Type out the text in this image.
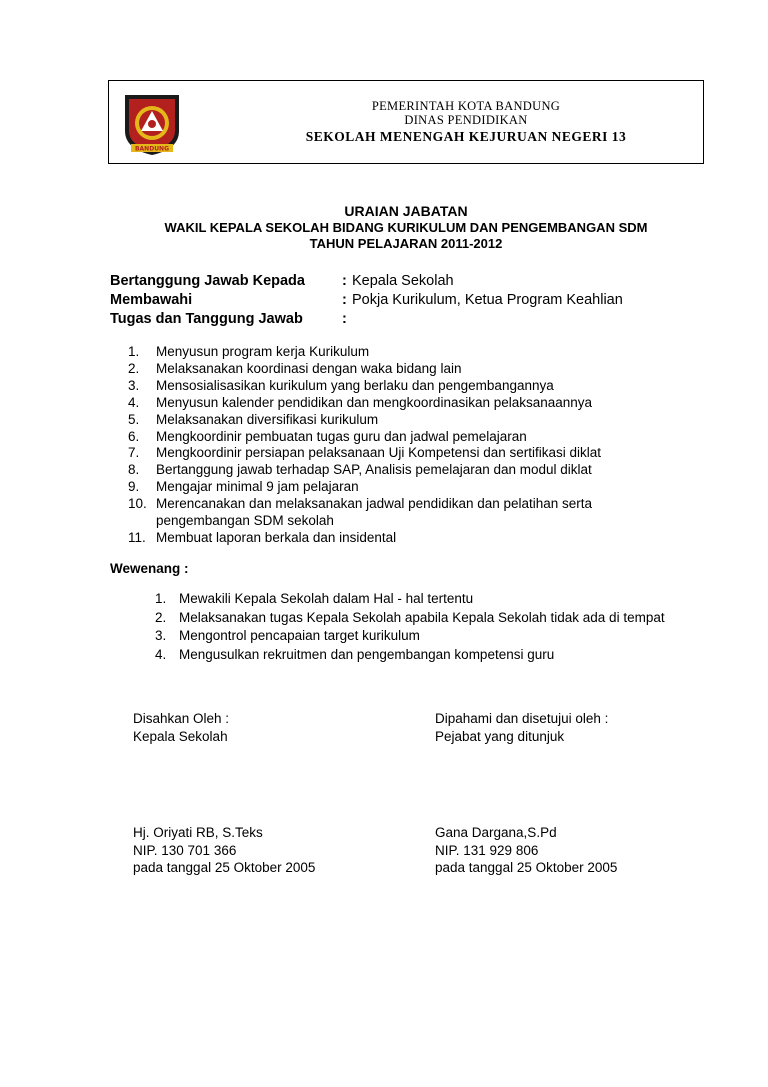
BANDUNG
PEMERINTAH KOTA BANDUNG
DINAS PENDIDIKAN
SEKOLAH MENENGAH KEJURUAN NEGERI 13
URAIAN JABATAN
WAKIL KEPALA SEKOLAH BIDANG KURIKULUM DAN PENGEMBANGAN SDM
TAHUN PELAJARAN 2011-2012
Bertanggung Jawab Kepada	: Kepala Sekolah
Membawahi	: Pokja Kurikulum, Ketua Program Keahlian
Tugas dan Tanggung Jawab	:
1.	Menyusun program kerja Kurikulum
2.	Melaksanakan koordinasi dengan waka bidang lain
3.	Mensosialisasikan kurikulum yang berlaku dan pengembangannya
4.	Menyusun kalender pendidikan dan mengkoordinasikan pelaksanaannya
5.	Melaksanakan diversifikasi kurikulum
6.	Mengkoordinir pembuatan tugas guru dan jadwal pemelajaran
7.	Mengkoordinir persiapan pelaksanaan Uji Kompetensi dan sertifikasi diklat
8.	Bertanggung jawab terhadap SAP, Analisis pemelajaran dan modul diklat
9.	Mengajar minimal 9 jam pelajaran
10. Merencanakan dan melaksanakan jadwal pendidikan dan pelatihan serta pengembangan SDM sekolah
11. Membuat laporan berkala dan insidental
Wewenang :
1. Mewakili Kepala Sekolah dalam Hal - hal tertentu
2. Melaksanakan tugas Kepala Sekolah apabila Kepala Sekolah tidak ada di tempat
3. Mengontrol pencapaian target kurikulum
4. Mengusulkan rekruitmen dan pengembangan kompetensi guru
Disahkan Oleh :
Kepala Sekolah
Dipahami dan disetujui oleh :
Pejabat yang ditunjuk
Hj. Oriyati RB, S.Teks
NIP. 130 701 366
pada tanggal 25 Oktober 2005
Gana Dargana,S.Pd
NIP. 131 929 806
pada tanggal 25 Oktober 2005
